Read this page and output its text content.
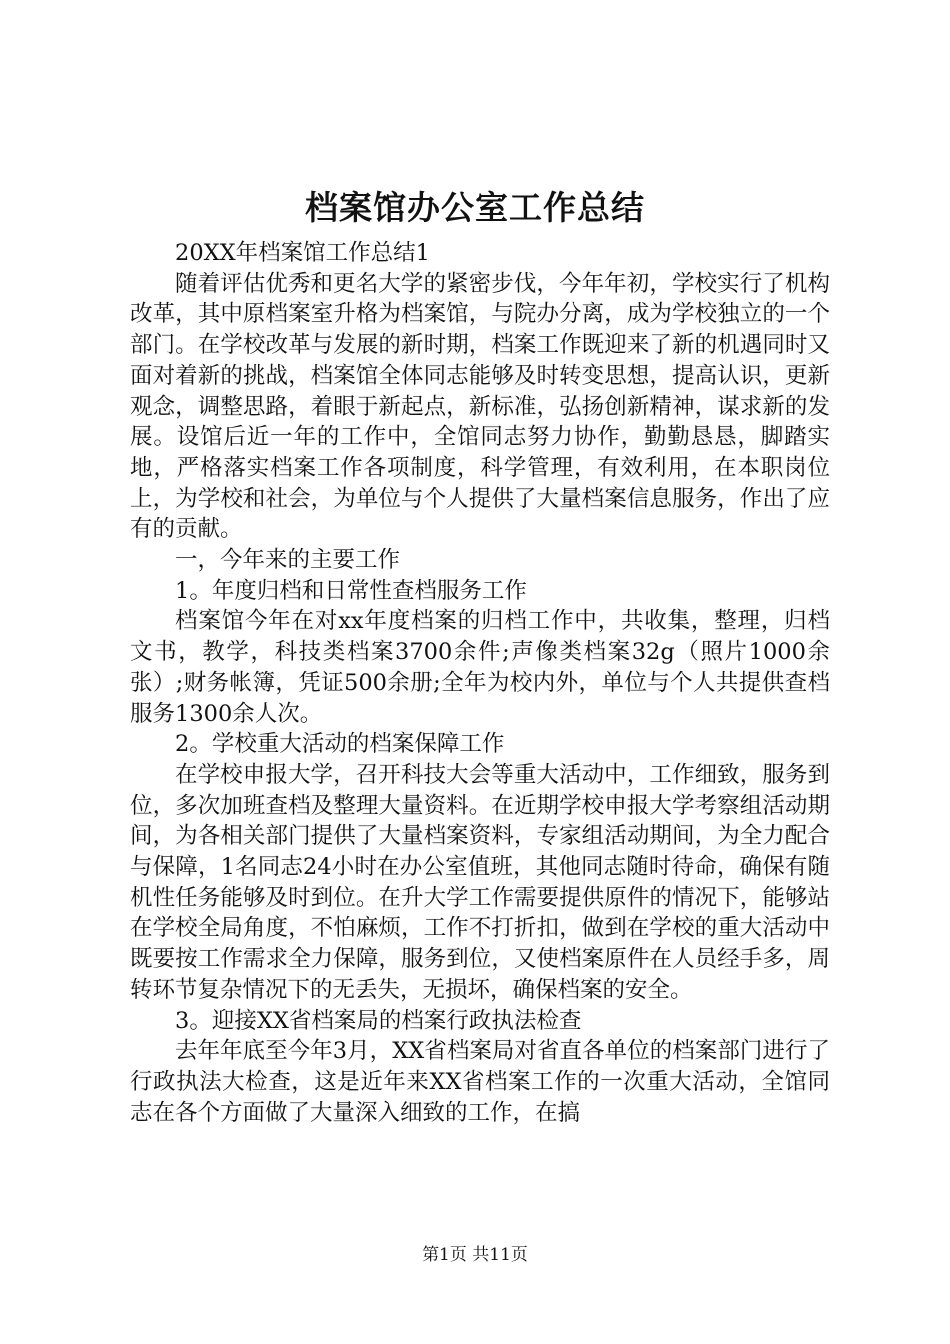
档案馆办公室工作总结

20XX年档案馆工作总结1

随着评估优秀和更名大学的紧密步伐，今年年初，学校实行了机构改革，其中原档案室升格为档案馆，与院办分离，成为学校独立的一个部门。在学校改革与发展的新时期，档案工作既迎来了新的机遇同时又面对着新的挑战，档案馆全体同志能够及时转变思想，提高认识，更新观念，调整思路，着眼于新起点，新标准，弘扬创新精神，谋求新的发展。设馆后近一年的工作中，全馆同志努力协作，勤勤恳恳，脚踏实地，严格落实档案工作各项制度，科学管理，有效利用，在本职岗位上，为学校和社会，为单位与个人提供了大量档案信息服务，作出了应有的贡献。

一，今年来的主要工作

1。年度归档和日常性查档服务工作

档案馆今年在对xx年度档案的归档工作中，共收集，整理，归档文书，教学，科技类档案3700余件;声像类档案32g（照片1000余张）;财务帐簿，凭证500余册;全年为校内外，单位与个人共提供查档服务1300余人次。

2。学校重大活动的档案保障工作

在学校申报大学，召开科技大会等重大活动中，工作细致，服务到位，多次加班查档及整理大量资料。在近期学校申报大学考察组活动期间，为各相关部门提供了大量档案资料，专家组活动期间，为全力配合与保障，1名同志24小时在办公室值班，其他同志随时待命，确保有随机性任务能够及时到位。在升大学工作需要提供原件的情况下，能够站在学校全局角度，不怕麻烦，工作不打折扣，做到在学校的重大活动中既要按工作需求全力保障，服务到位，又使档案原件在人员经手多，周转环节复杂情况下的无丢失，无损坏，确保档案的安全。

3。迎接XX省档案局的档案行政执法检查

去年年底至今年3月，XX省档案局对省直各单位的档案部门进行了行政执法大检查，这是近年来XX省档案工作的一次重大活动，全馆同志在各个方面做了大量深入细致的工作，在搞

第1页 共11页
